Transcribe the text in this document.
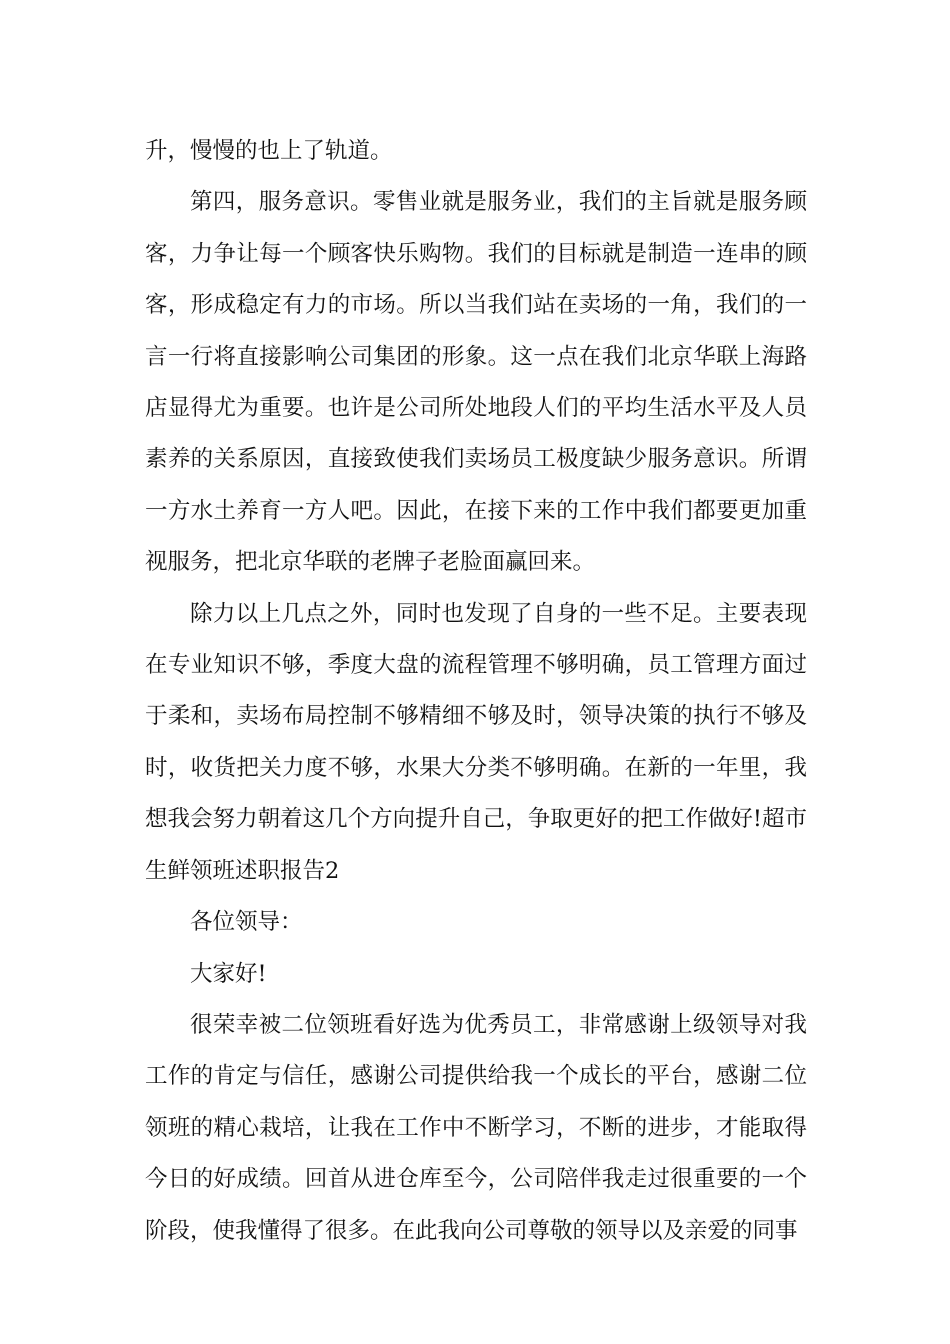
升，慢慢的也上了轨道。

第四，服务意识。零售业就是服务业，我们的主旨就是服务顾客，力争让每一个顾客快乐购物。我们的目标就是制造一连串的顾客，形成稳定有力的市场。所以当我们站在卖场的一角，我们的一言一行将直接影响公司集团的形象。这一点在我们北京华联上海路店显得尤为重要。也许是公司所处地段人们的平均生活水平及人员素养的关系原因，直接致使我们卖场员工极度缺少服务意识。所谓一方水土养育一方人吧。因此，在接下来的工作中我们都要更加重视服务，把北京华联的老牌子老脸面赢回来。

除力以上几点之外，同时也发现了自身的一些不足。主要表现在专业知识不够，季度大盘的流程管理不够明确，员工管理方面过于柔和，卖场布局控制不够精细不够及时，领导决策的执行不够及时，收货把关力度不够，水果大分类不够明确。在新的一年里，我想我会努力朝着这几个方向提升自己，争取更好的把工作做好!超市生鲜领班述职报告2

各位领导：

大家好!

很荣幸被二位领班看好选为优秀员工，非常感谢上级领导对我工作的肯定与信任，感谢公司提供给我一个成长的平台，感谢二位领班的精心栽培，让我在工作中不断学习，不断的进步，才能取得今日的好成绩。回首从进仓库至今，公司陪伴我走过很重要的一个阶段，使我懂得了很多。在此我向公司尊敬的领导以及亲爱的同事
